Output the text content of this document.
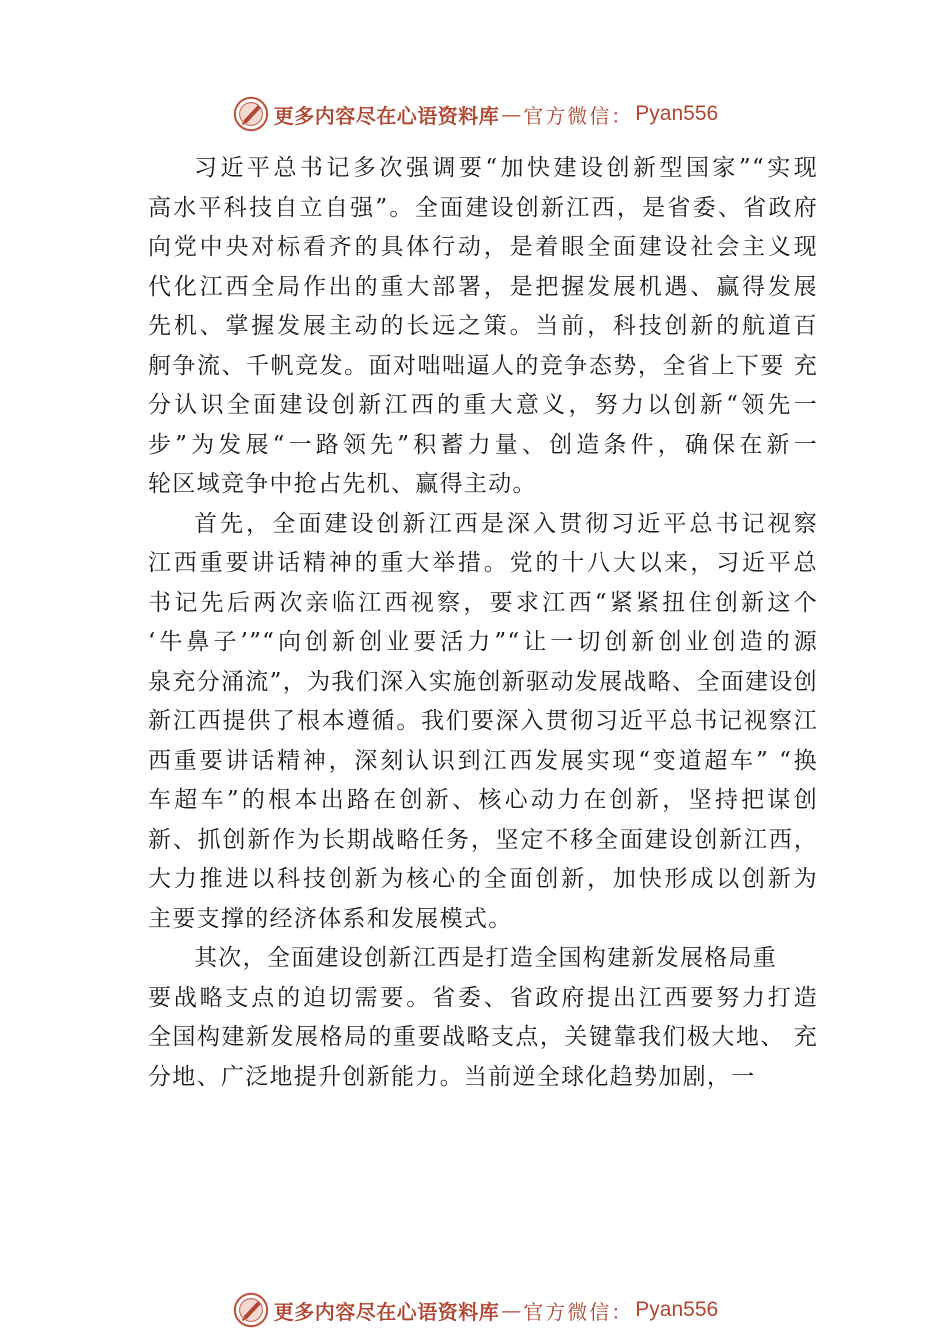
更多内容尽在心语资料库 — 官方微信： Pyan556
习近平总书记多次强调要“加快建设创新型国家”“实现
高水平科技自立自强”。全面建设创新江西，是省委、省政府
向党中央对标看齐的具体行动，是着眼全面建设社会主义现
代化江西全局作出的重大部署，是把握发展机遇、赢得发展
先机、掌握发展主动的长远之策。当前，科技创新的航道百
舸争流、千帆竞发。面对咄咄逼人的竞争态势，全省上下要 充
分认识全面建设创新江西的重大意义，努力以创新“领先一
步”为发展“一路领先”积蓄力量、创造条件，确保在新一
轮区域竞争中抢占先机、赢得主动。
首先，全面建设创新江西是深入贯彻习近平总书记视察
江西重要讲话精神的重大举措。党的十八大以来，习近平总
书记先后两次亲临江西视察，要求江西“紧紧扭住创新这个
‘牛鼻子’”“向创新创业要活力”“让一切创新创业创造的源
泉充分涌流”，为我们深入实施创新驱动发展战略、全面建设创
新江西提供了根本遵循。我们要深入贯彻习近平总书记视察江
西重要讲话精神，深刻认识到江西发展实现“变道超车” “换
车超车”的根本出路在创新、核心动力在创新，坚持把谋创
新、抓创新作为长期战略任务，坚定不移全面建设创新江西，
大力推进以科技创新为核心的全面创新，加快形成以创新为
主要支撑的经济体系和发展模式。
其次，全面建设创新江西是打造全国构建新发展格局重
要战略支点的迫切需要。省委、省政府提出江西要努力打造
全国构建新发展格局的重要战略支点，关键靠我们极大地、 充
分地、广泛地提升创新能力。当前逆全球化趋势加剧，一
更多内容尽在心语资料库 — 官方微信： Pyan556
